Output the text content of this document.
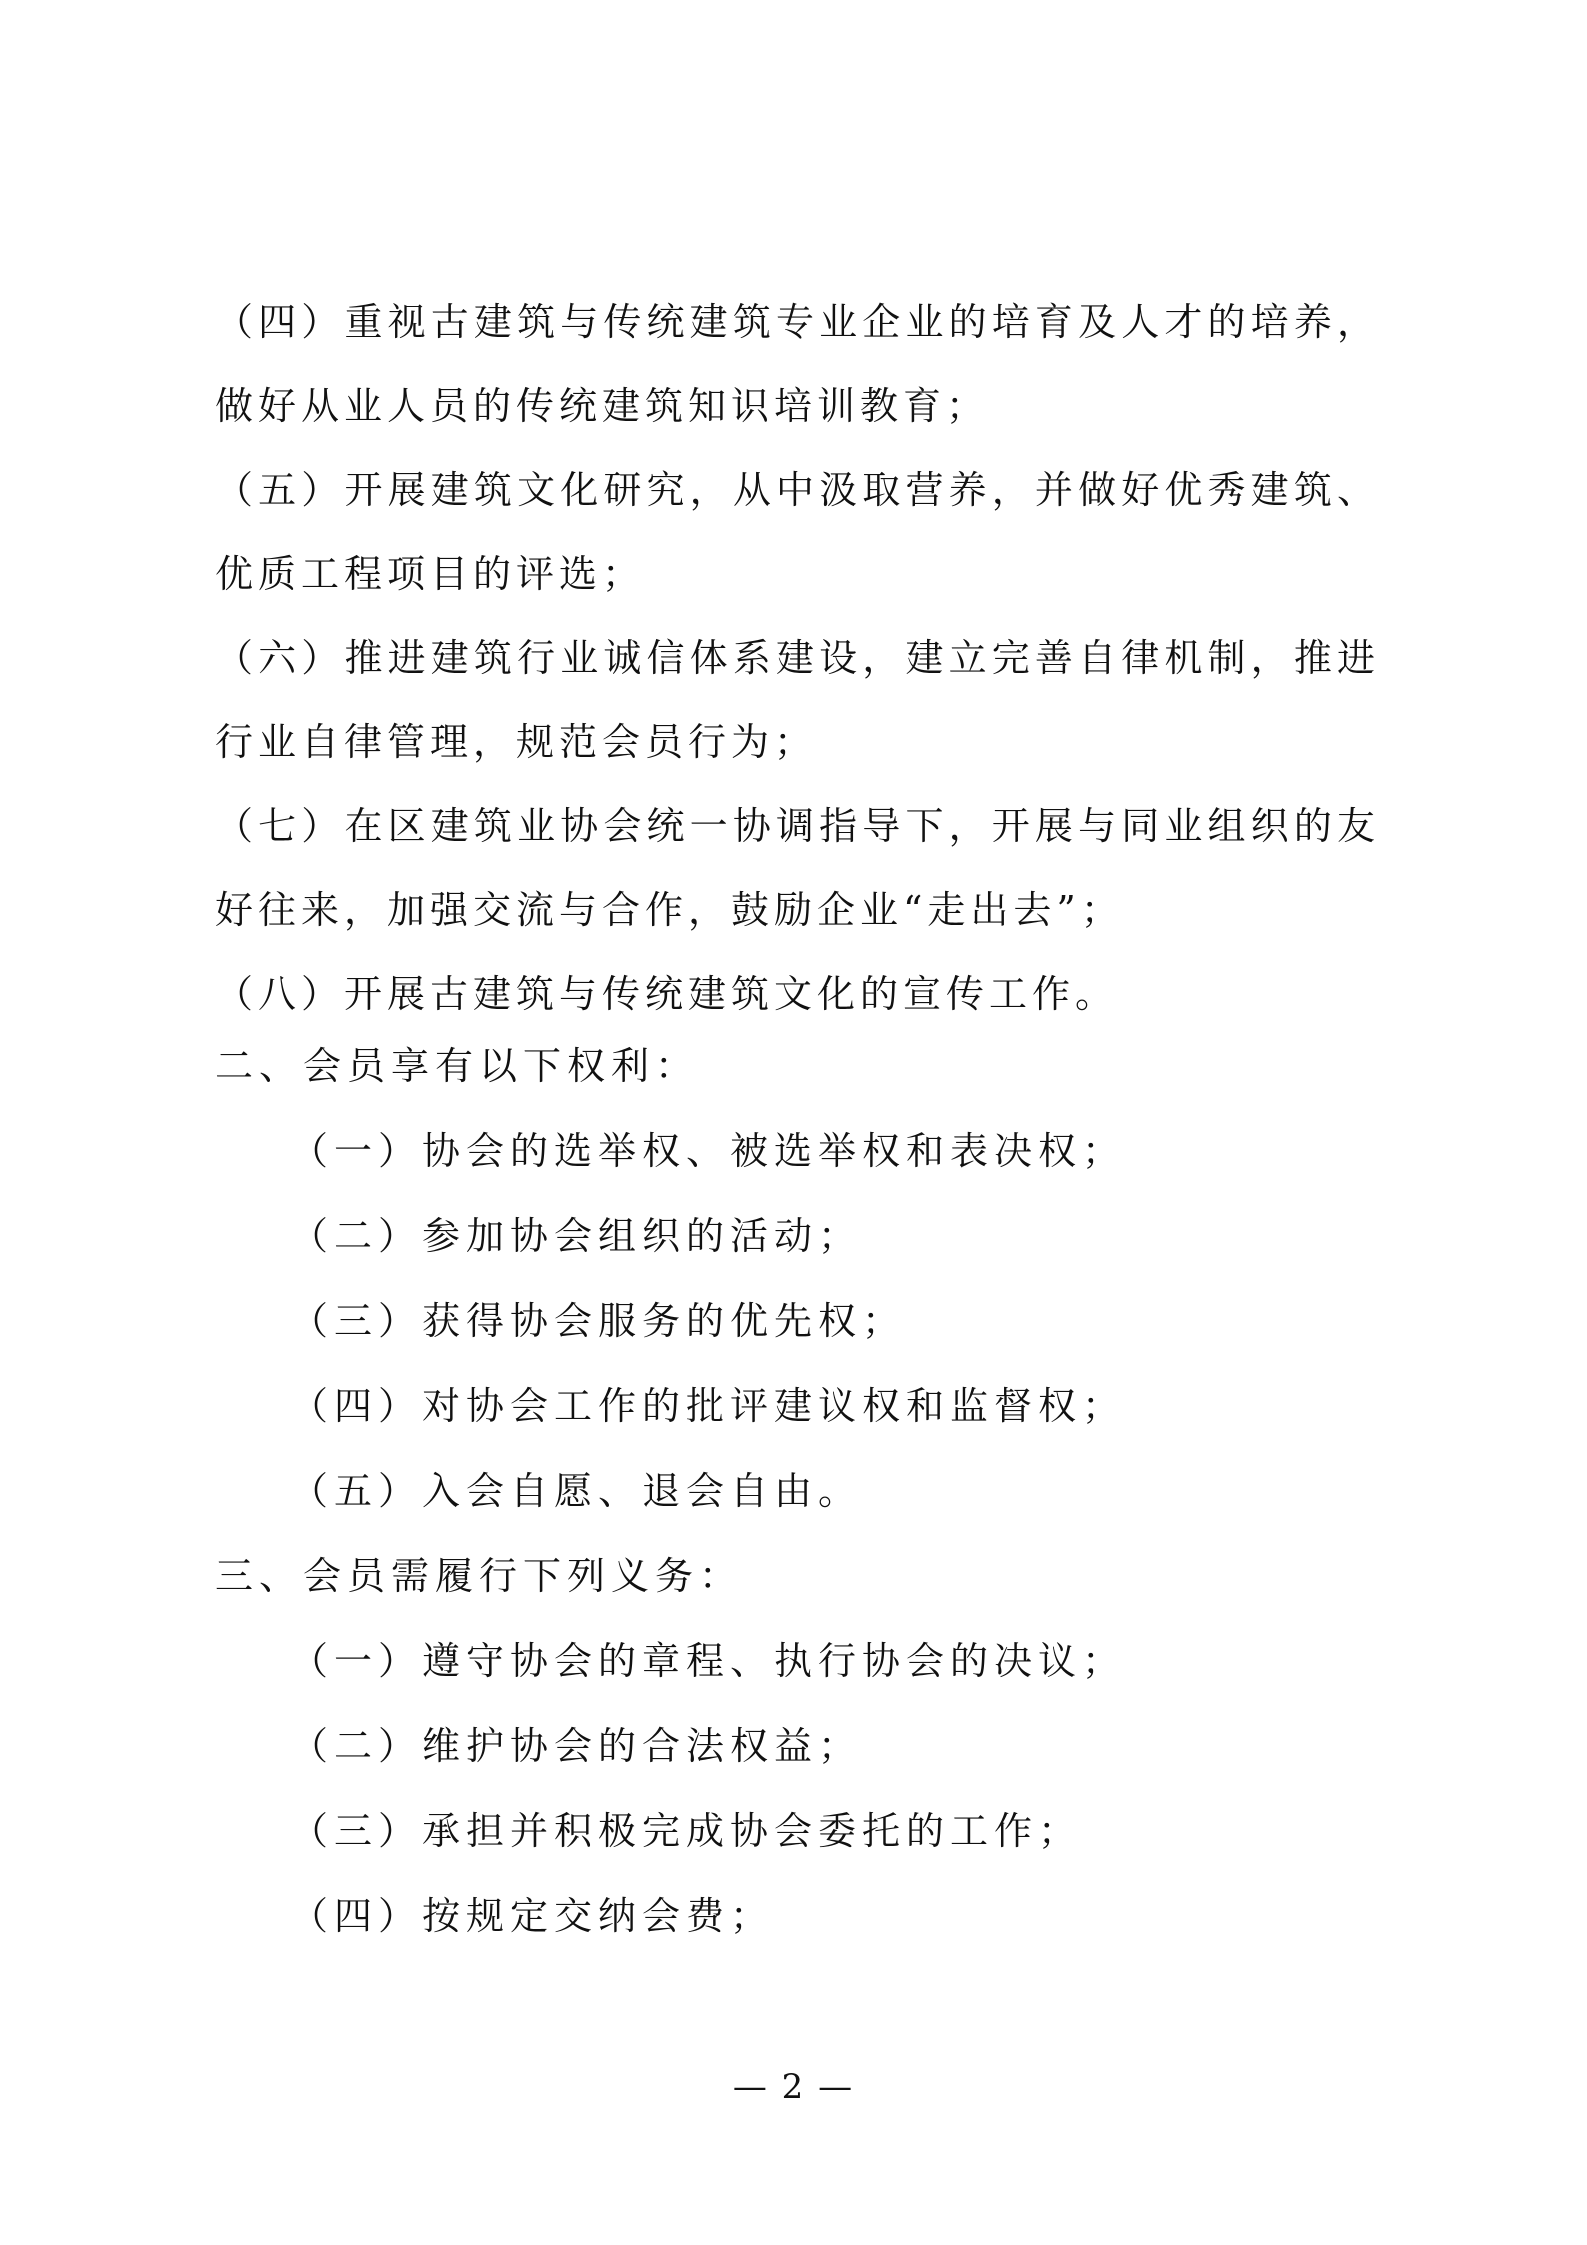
（四）重视古建筑与传统建筑专业企业的培育及人才的培养，做好从业人员的传统建筑知识培训教育；
（五）开展建筑文化研究，从中汲取营养，并做好优秀建筑、优质工程项目的评选；
（六）推进建筑行业诚信体系建设，建立完善自律机制，推进行业自律管理，规范会员行为；
（七）在区建筑业协会统一协调指导下，开展与同业组织的友好往来，加强交流与合作，鼓励企业“走出去”；
（八）开展古建筑与传统建筑文化的宣传工作。
二、会员享有以下权利：
（一）协会的选举权、被选举权和表决权；
（二）参加协会组织的活动；
（三）获得协会服务的优先权；
（四）对协会工作的批评建议权和监督权；
（五）入会自愿、退会自由。
三、会员需履行下列义务：
（一）遵守协会的章程、执行协会的决议；
（二）维护协会的合法权益；
（三）承担并积极完成协会委托的工作；
（四）按规定交纳会费；
— 2 —
